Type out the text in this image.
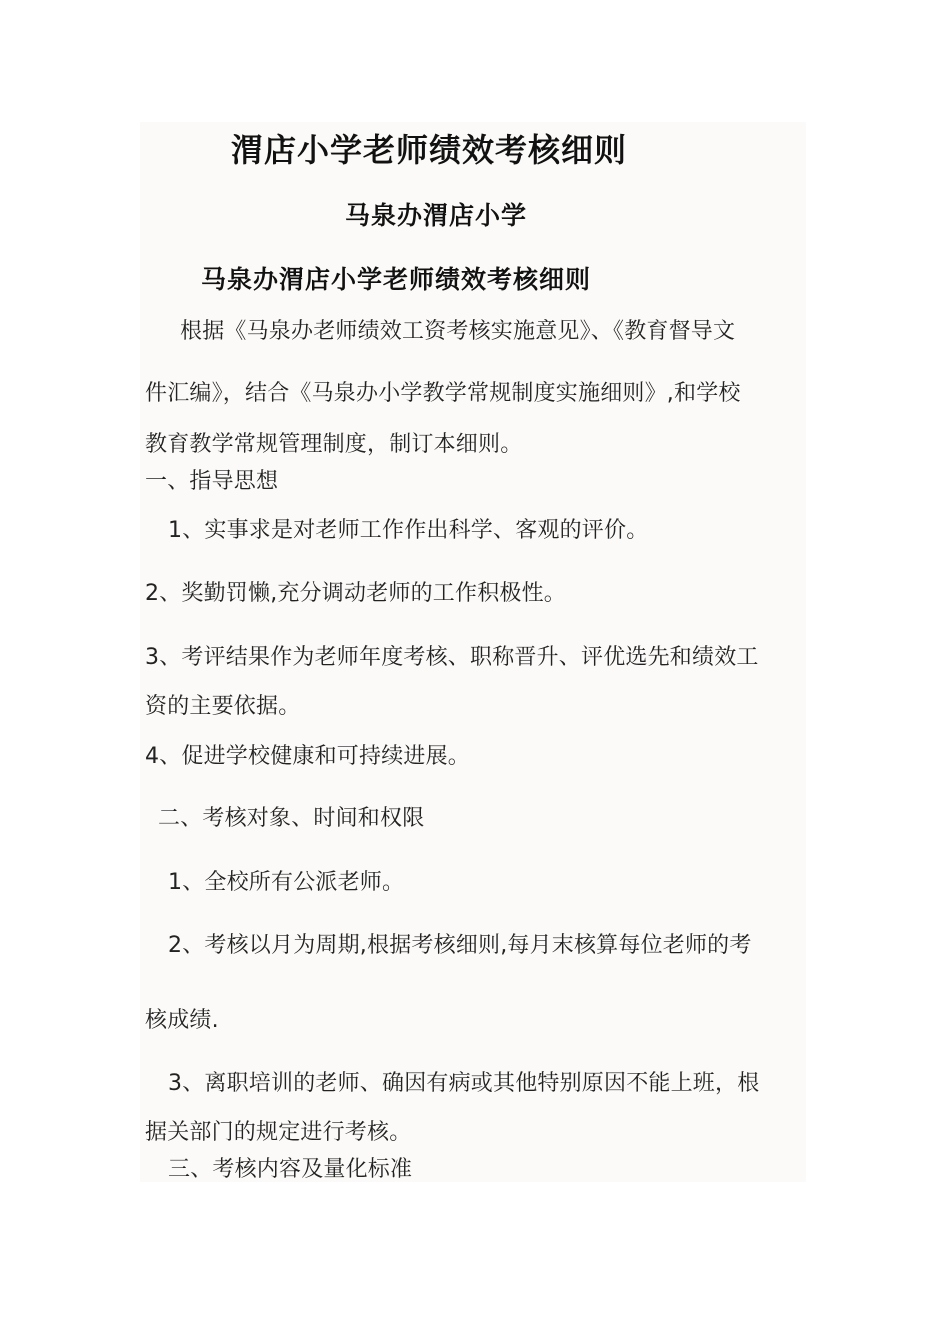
渭店小学老师绩效考核细则
马泉办渭店小学
马泉办渭店小学老师绩效考核细则
根据《马泉办老师绩效工资考核实施意见》、《教育督导文
件汇编》，结合《马泉办小学教学常规制度实施细则》,和学校
教育教学常规管理制度，制订本细则。
一、指导思想
1、实事求是对老师工作作出科学、客观的评价。
2、奖勤罚懒,充分调动老师的工作积极性。
3、考评结果作为老师年度考核、职称晋升、评优选先和绩效工
资的主要依据。
4、促进学校健康和可持续进展。
二、考核对象、时间和权限
1、全校所有公派老师。
2、考核以月为周期,根据考核细则,每月末核算每位老师的考
核成绩.
3、离职培训的老师、确因有病或其他特别原因不能上班，根
据关部门的规定进行考核。
三、考核内容及量化标准
